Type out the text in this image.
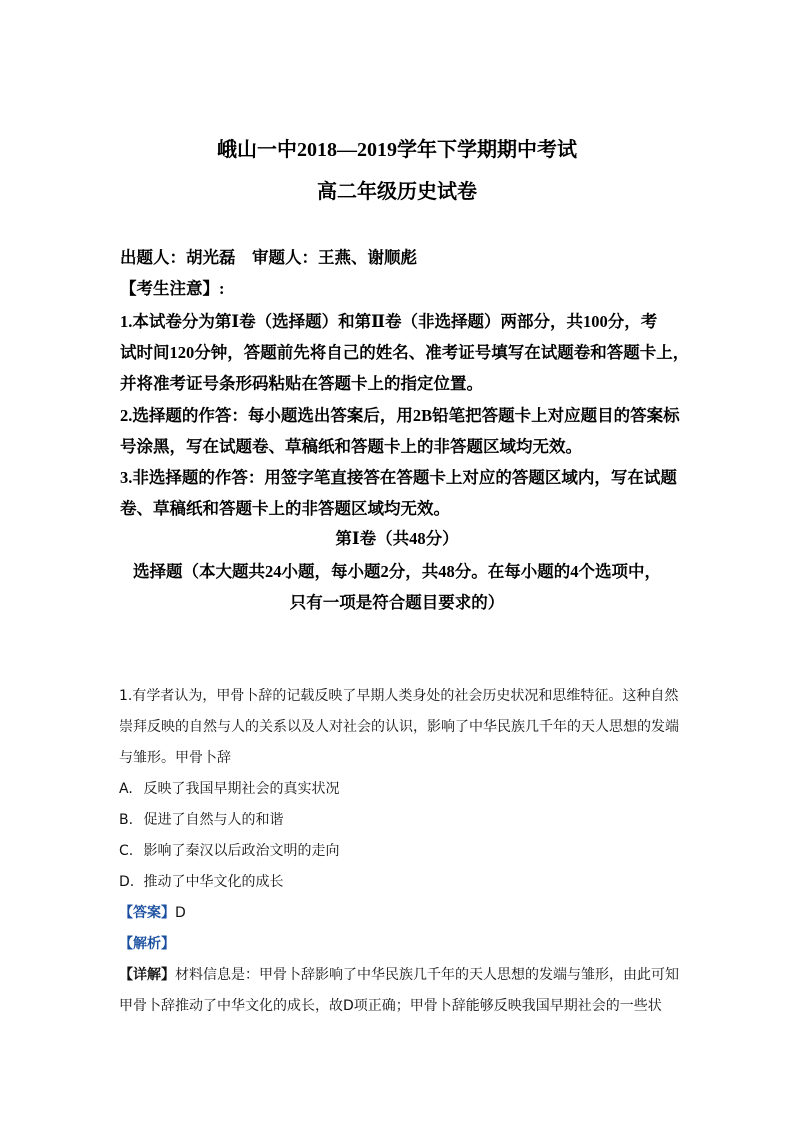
峨山一中2018—2019学年下学期期中考试
高二年级历史试卷
出题人：胡光磊　审题人：王燕、谢顺彪
【考生注意】:
1.本试卷分为第Ⅰ卷（选择题）和第Ⅱ卷（非选择题）两部分，共100分，考
试时间120分钟，答题前先将自己的姓名、准考证号填写在试题卷和答题卡上，
并将准考证号条形码粘贴在答题卡上的指定位置。
2.选择题的作答：每小题选出答案后，用2B铅笔把答题卡上对应题目的答案标
号涂黑，写在试题卷、草稿纸和答题卡上的非答题区域均无效。
3.非选择题的作答：用签字笔直接答在答题卡上对应的答题区域内，写在试题
卷、草稿纸和答题卡上的非答题区域均无效。
第Ⅰ卷（共48分）
选择题（本大题共24小题，每小题2分，共48分。在每小题的4个选项中，
只有一项是符合题目要求的）
1.有学者认为，甲骨卜辞的记载反映了早期人类身处的社会历史状况和思维特征。这种自然
崇拜反映的自然与人的关系以及人对社会的认识，影响了中华民族几千年的天人思想的发端
与雏形。甲骨卜辞
A. 反映了我国早期社会的真实状况
B. 促进了自然与人的和谐
C. 影响了秦汉以后政治文明的走向
D. 推动了中华文化的成长
【答案】D
【解析】
【详解】材料信息是：甲骨卜辞影响了中华民族几千年的天人思想的发端与雏形，由此可知
甲骨卜辞推动了中华文化的成长，故D项正确；甲骨卜辞能够反映我国早期社会的一些状
